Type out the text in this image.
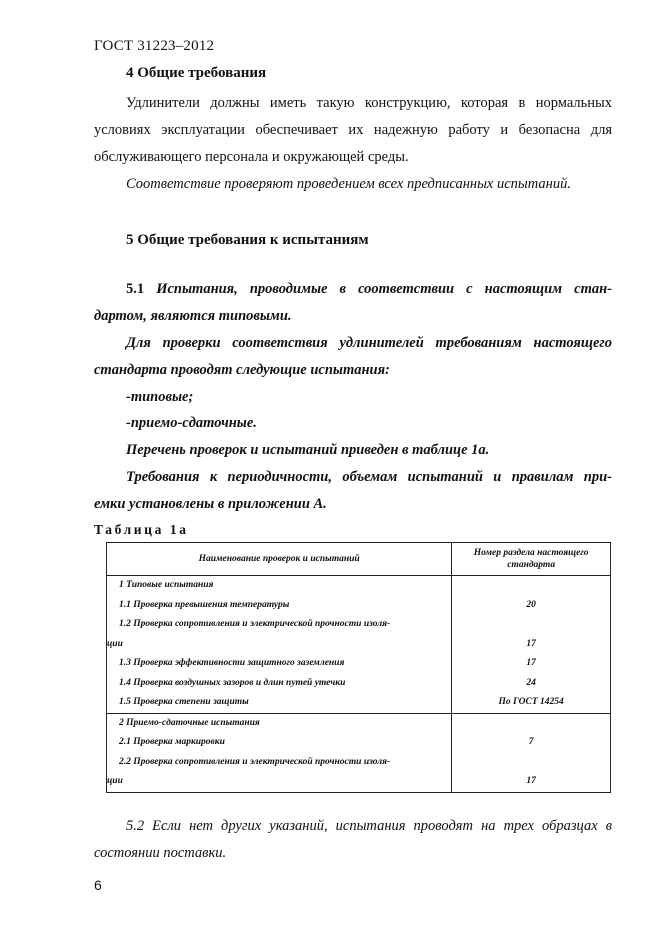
ГОСТ 31223–2012

4 Общие требования

Удлинители должны иметь такую конструкцию, которая в нормальных

условиях эксплуатации обеспечивает их надежную работу и безопасна для

обслуживающего персонала и окружающей среды.

Соответствие проверяют проведением всех предписанных испытаний.

5 Общие требования к испытаниям

5.1 Испытания, проводимые в соответствии с настоящим стан-

дартом, являются типовыми.

Для проверки соответствия удлинителей требованиям настоящего

стандарта проводят следующие испытания:

-типовые;

-приемо-сдаточные.

Перечень проверок и испытаний приведен в таблице 1а.

Требования к периодичности, объемам испытаний и правилам при-

емки установлены в приложении А.

Таблица 1а

Наименование проверок и испытаний	Номер раздела настоящего стандарта
1 Типовые испытания	
1.1 Проверка превышения температуры	20
1.2 Проверка сопротивления и электрической прочности изоля-	
ции	17
1.3 Проверка эффективности защитного заземления	17
1.4 Проверка воздушных зазоров и длин путей утечки	24
1.5 Проверка степени защиты	По ГОСТ 14254
2 Приемо-сдаточные испытания	
2.1 Проверка маркировки	7
2.2 Проверка сопротивления и электрической прочности изоля-	
ции	17

5.2 Если нет других указаний, испытания проводят на трех образцах в

состоянии поставки.

6
